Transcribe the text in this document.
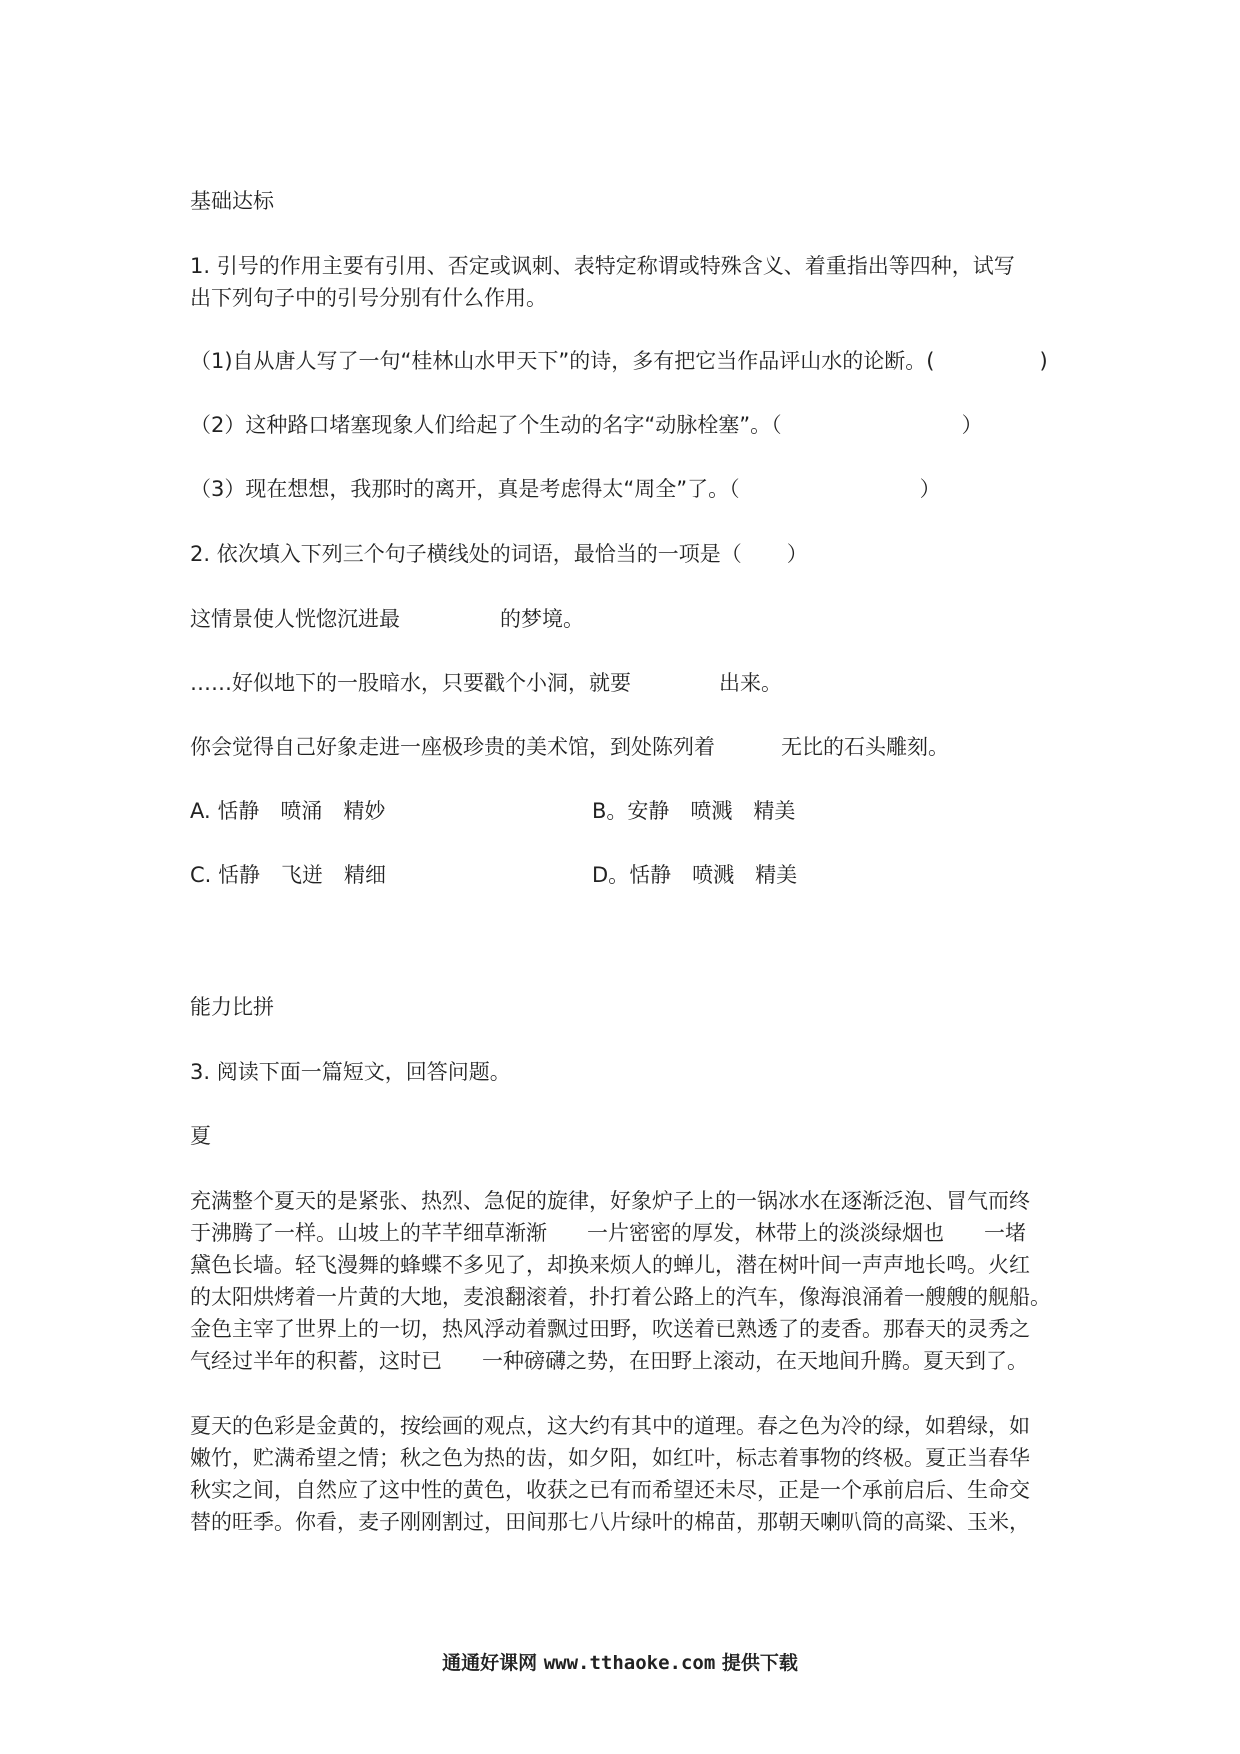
基础达标
1. 引号的作用主要有引用、否定或讽刺、表特定称谓或特殊含义、着重指出等四种，试写
出下列句子中的引号分别有什么作用。
（1)自从唐人写了一句“桂林山水甲天下”的诗，多有把它当作品评山水的论断。(	)
（2）这种路口堵塞现象人们给起了个生动的名字“动脉栓塞”。（	）
（3）现在想想，我那时的离开，真是考虑得太“周全”了。（	）
2. 依次填入下列三个句子横线处的词语，最恰当的一项是（ ）
这情景使人恍惚沉进最	的梦境。
……好似地下的一股暗水，只要戳个小洞，就要	出来。
你会觉得自己好象走进一座极珍贵的美术馆，到处陈列着	无比的石头雕刻。
A. 恬静　喷涌　精妙	B。安静　喷溅　精美
C. 恬静　飞迸　精细	D。恬静　喷溅　精美
能力比拼
3. 阅读下面一篇短文，回答问题。
夏
充满整个夏天的是紧张、热烈、急促的旋律，好象炉子上的一锅冰水在逐渐泛泡、冒气而终
于沸腾了一样。山坡上的芊芊细草渐渐 一片密密的厚发，林带上的淡淡绿烟也 一堵
黛色长墙。轻飞漫舞的蜂蝶不多见了，却换来烦人的蝉儿，潜在树叶间一声声地长鸣。火红
的太阳烘烤着一片黄的大地，麦浪翻滚着，扑打着公路上的汽车，像海浪涌着一艘艘的舰船。
金色主宰了世界上的一切，热风浮动着飘过田野，吹送着已熟透了的麦香。那春天的灵秀之
气经过半年的积蓄，这时已 一种磅礴之势，在田野上滚动，在天地间升腾。夏天到了。
夏天的色彩是金黄的，按绘画的观点，这大约有其中的道理。春之色为冷的绿，如碧绿，如
嫩竹，贮满希望之情；秋之色为热的齿，如夕阳，如红叶，标志着事物的终极。夏正当春华
秋实之间，自然应了这中性的黄色，收获之已有而希望还未尽，正是一个承前启后、生命交
替的旺季。你看，麦子刚刚割过，田间那七八片绿叶的棉苗，那朝天喇叭筒的高粱、玉米，
通通好课网 www.tthaoke.com 提供下载
